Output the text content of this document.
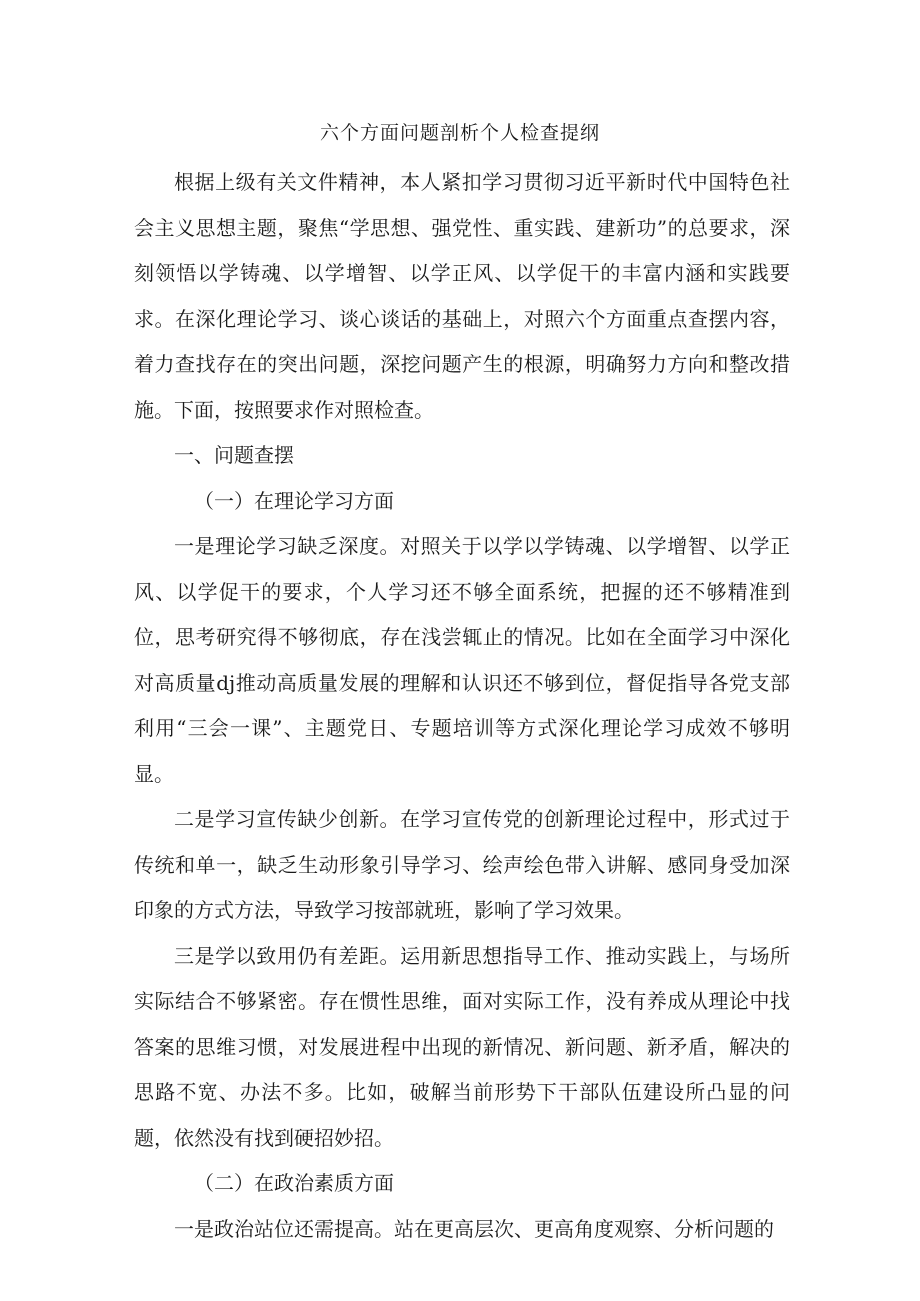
六个方面问题剖析个人检查提纲

根据上级有关文件精神，本人紧扣学习贯彻习近平新时代中国特色社会主义思想主题，聚焦“学思想、强党性、重实践、建新功”的总要求，深刻领悟以学铸魂、以学增智、以学正风、以学促干的丰富内涵和实践要求。在深化理论学习、谈心谈话的基础上，对照六个方面重点查摆内容，着力查找存在的突出问题，深挖问题产生的根源，明确努力方向和整改措施。下面，按照要求作对照检查。

一、问题查摆

（一）在理论学习方面

一是理论学习缺乏深度。对照关于以学以学铸魂、以学增智、以学正风、以学促干的要求，个人学习还不够全面系统，把握的还不够精准到位，思考研究得不够彻底，存在浅尝辄止的情况。比如在全面学习中深化对高质量dj推动高质量发展的理解和认识还不够到位，督促指导各党支部利用“三会一课”、主题党日、专题培训等方式深化理论学习成效不够明显。

二是学习宣传缺少创新。在学习宣传党的创新理论过程中，形式过于传统和单一，缺乏生动形象引导学习、绘声绘色带入讲解、感同身受加深印象的方式方法，导致学习按部就班，影响了学习效果。

三是学以致用仍有差距。运用新思想指导工作、推动实践上，与场所实际结合不够紧密。存在惯性思维，面对实际工作，没有养成从理论中找答案的思维习惯，对发展进程中出现的新情况、新问题、新矛盾，解决的思路不宽、办法不多。比如，破解当前形势下干部队伍建设所凸显的问题，依然没有找到硬招妙招。

（二）在政治素质方面

一是政治站位还需提高。站在更高层次、更高角度观察、分析问题的
